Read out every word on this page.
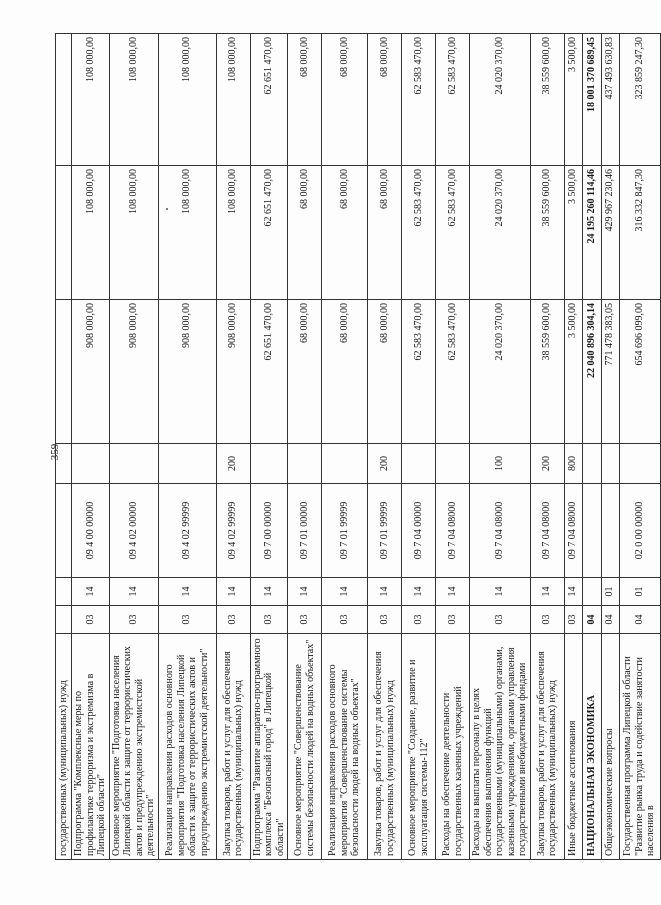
359
государственных (муниципальных) нужд							
Подпрограмма "Комплексные меры по профилактике терроризма и экстремизма в Липецкой области"	03	14	09 4 00 00000		908 000,00	108 000,00	108 000,00
Основное мероприятие "Подготовка населения Липецкой области к защите от террористических актов и предупреждению экстремистской деятельности"	03	14	09 4 02 00000		908 000,00	108 000,00	108 000,00
Реализация направления расходов основного мероприятия "Подготовка населения Липецкой области к защите от террористических актов и предупреждению экстремистской деятельности"	03	14	09 4 02 99999		908 000,00	108 000,00	108 000,00
Закупка товаров, работ и услуг для обеспечения государственных (муниципальных) нужд	03	14	09 4 02 99999	200	908 000,00	108 000,00	108 000,00
Подпрограмма "Развитие аппаратно-программного комплекса "Безопасный город" в Липецкой области"	03	14	09 7 00 00000		62 651 470,00	62 651 470,00	62 651 470,00
Основное мероприятие "Совершенствование системы безопасности людей на водных объектах"	03	14	09 7 01 00000		68 000,00	68 000,00	68 000,00
Реализация направления расходов основного мероприятия "Совершенствование системы безопасности людей на водных объектах"	03	14	09 7 01 99999		68 000,00	68 000,00	68 000,00
Закупка товаров, работ и услуг для обеспечения государственных (муниципальных) нужд	03	14	09 7 01 99999	200	68 000,00	68 000,00	68 000,00
Основное мероприятие "Создание, развитие и эксплуатация системы-112"	03	14	09 7 04 00000		62 583 470,00	62 583 470,00	62 583 470,00
Расходы на обеспечение деятельности государственных казенных учреждений	03	14	09 7 04 08000		62 583 470,00	62 583 470,00	62 583 470,00
Расходы на выплаты персоналу в целях обеспечения выполнения функций государственными (муниципальными) органами, казенными учреждениями, органами управления государственными внебюджетными фондами	03	14	09 7 04 08000	100	24 020 370,00	24 020 370,00	24 020 370,00
Закупка товаров, работ и услуг для обеспечения государственных (муниципальных) нужд	03	14	09 7 04 08000	200	38 559 600,00	38 559 600,00	38 559 600,00
Иные бюджетные ассигнования	03	14	09 7 04 08000	800	3 500,00	3 500,00	3 500,00
НАЦИОНАЛЬНАЯ ЭКОНОМИКА	04				22 040 896 304,14	24 195 260 114,46	18 001 370 689,45
Общеэкономические вопросы	04	01			771 478 383,05	429 967 230,46	437 493 630,83
Государственная программа Липецкой области "Развитие рынка труда и содействие занятости населения в	04	01	02 0 00 00000		654 696 099,00	316 332 847,30	323 859 247,30
